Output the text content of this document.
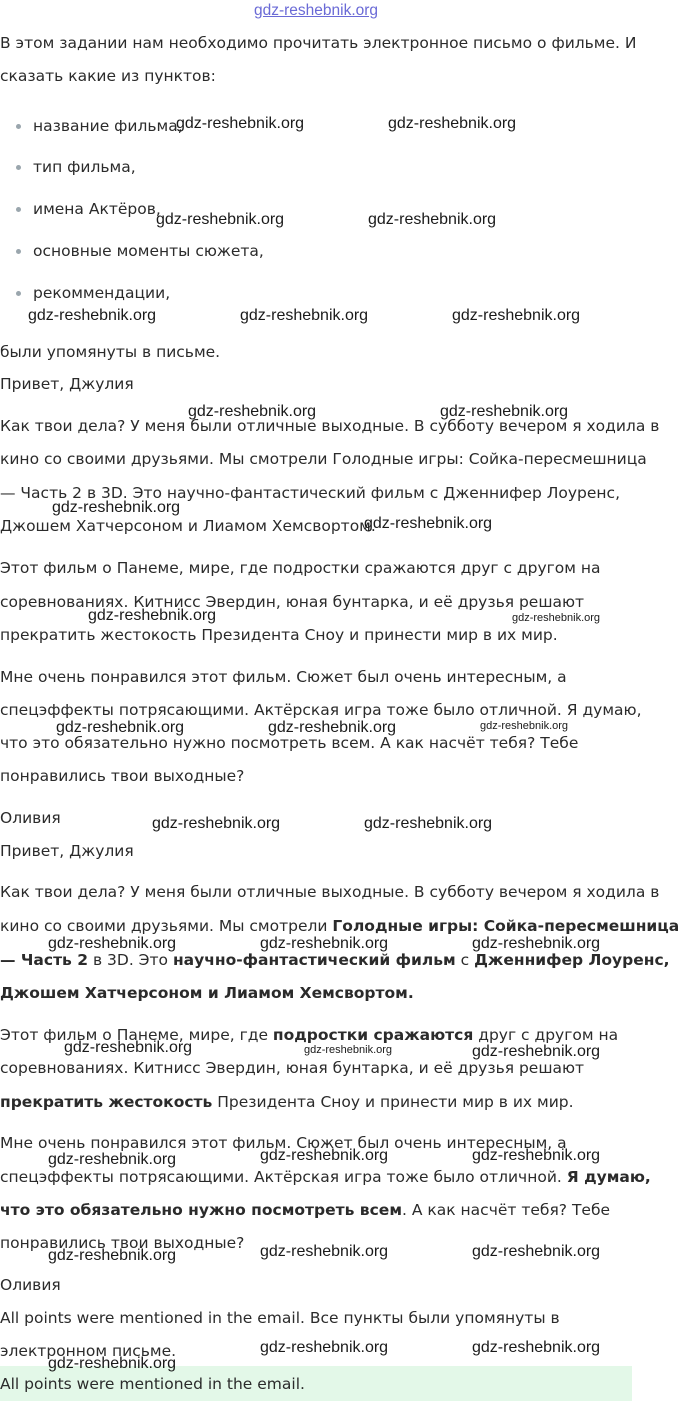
gdz-reshebnik.org
В этом задании нам необходимо прочитать электронное письмо о фильме. И
сказать какие из пунктов:
название фильма,
тип фильма,
имена Актёров,
основные моменты сюжета,
рекоммендации,
были упомянуты в письме.
Привет, Джулия
Как твои дела? У меня были отличные выходные. В субботу вечером я ходила в
кино со своими друзьями. Мы смотрели Голодные игры: Сойка-пересмешница
— Часть 2 в 3D. Это научно-фантастический фильм с Дженнифер Лоуренс,
Джошем Хатчерсоном и Лиамом Хемсвортом.
Этот фильм о Панеме, мире, где подростки сражаются друг с другом на
соревнованиях. Китнисс Эвердин, юная бунтарка, и её друзья решают
прекратить жестокость Президента Сноу и принести мир в их мир.
Мне очень понравился этот фильм. Сюжет был очень интересным, а
спецэффекты потрясающими. Актёрская игра тоже было отличной. Я думаю,
что это обязательно нужно посмотреть всем. А как насчёт тебя? Тебе
понравились твои выходные?
Оливия
Привет, Джулия
Как твои дела? У меня были отличные выходные. В субботу вечером я ходила в
кино со своими друзьями. Мы смотрели Голодные игры: Сойка-пересмешница
— Часть 2 в 3D. Это научно-фантастический фильм с Дженнифер Лоуренс,
Джошем Хатчерсоном и Лиамом Хемсвортом.
Этот фильм о Панеме, мире, где подростки сражаются друг с другом на
соревнованиях. Китнисс Эвердин, юная бунтарка, и её друзья решают
прекратить жестокость Президента Сноу и принести мир в их мир.
Мне очень понравился этот фильм. Сюжет был очень интересным, а
спецэффекты потрясающими. Актёрская игра тоже было отличной. Я думаю,
что это обязательно нужно посмотреть всем. А как насчёт тебя? Тебе
понравились твои выходные?
Оливия
All points were mentioned in the email. Все пункты были упомянуты в
электронном письме.
All points were mentioned in the email.
gdz-reshebnik.org	gdz-reshebnik.org
gdz-reshebnik.org	gdz-reshebnik.org
gdz-reshebnik.org	gdz-reshebnik.org	gdz-reshebnik.org
gdz-reshebnik.org	gdz-reshebnik.org
gdz-reshebnik.org
gdz-reshebnik.org
gdz-reshebnik.org	gdz-reshebnik.org
gdz-reshebnik.org	gdz-reshebnik.org	gdz-reshebnik.org
gdz-reshebnik.org	gdz-reshebnik.org
gdz-reshebnik.org	gdz-reshebnik.org	gdz-reshebnik.org
gdz-reshebnik.org	gdz-reshebnik.org	gdz-reshebnik.org
gdz-reshebnik.org	gdz-reshebnik.org	gdz-reshebnik.org
gdz-reshebnik.org	gdz-reshebnik.org	gdz-reshebnik.org
gdz-reshebnik.org	gdz-reshebnik.org
gdz-reshebnik.org
